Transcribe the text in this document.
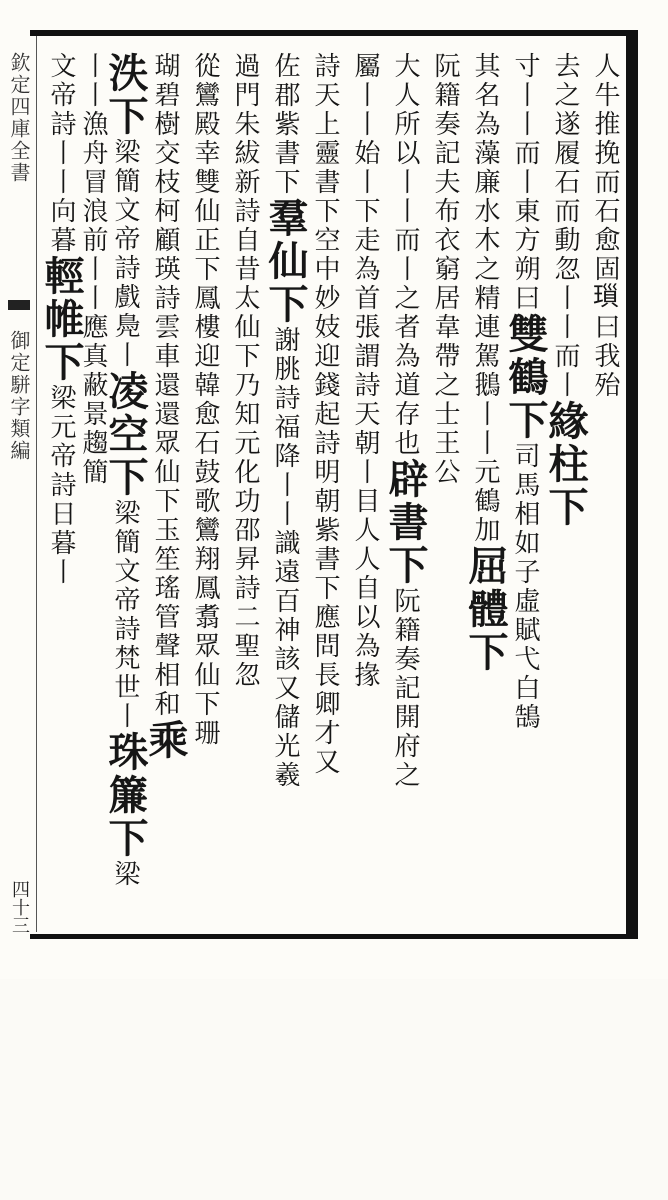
欽定四庫全書

御定駢字類編
四十三
人牛推挽而石愈固𤨏曰我殆
去之遂履石而動忽丨丨而丨緣柱下
寸丨丨而丨東方朔曰雙鶴下司馬相如子虛賦弋白鵠
其名為藻廉水木之精連駕鵝丨丨元鶴加屈體下
阮籍奏記夫布衣窮居韋帶之士王公
大人所以丨丨而丨之者為道存也辟書下阮籍奏記開府之
屬丨丨始丨下走為首張謂詩天朝丨目人人自以為掾
詩天上靈書下空中妙妓迎錢起詩明朝紫書下應問長卿才又
佐郡紫書下羣仙下謝朓詩福降丨丨識遠百神該又儲光羲
過門朱紱新詩自昔太仙下乃知元化功邵昇詩二聖忽
從鸞殿幸雙仙正下鳳樓迎韓愈石鼓歌鸞翔鳳翥眾仙下珊
瑚碧樹交枝柯顧瑛詩雲車還還眾仙下玉笙瑤管聲相和乘
泆下梁簡文帝詩戲鳧丨凌空下梁簡文帝詩梵世丨珠簾下梁
丨丨漁舟冒浪前丨丨應真蔽景趨簡
文帝詩丨丨向暮輕帷下梁元帝詩日暮丨
